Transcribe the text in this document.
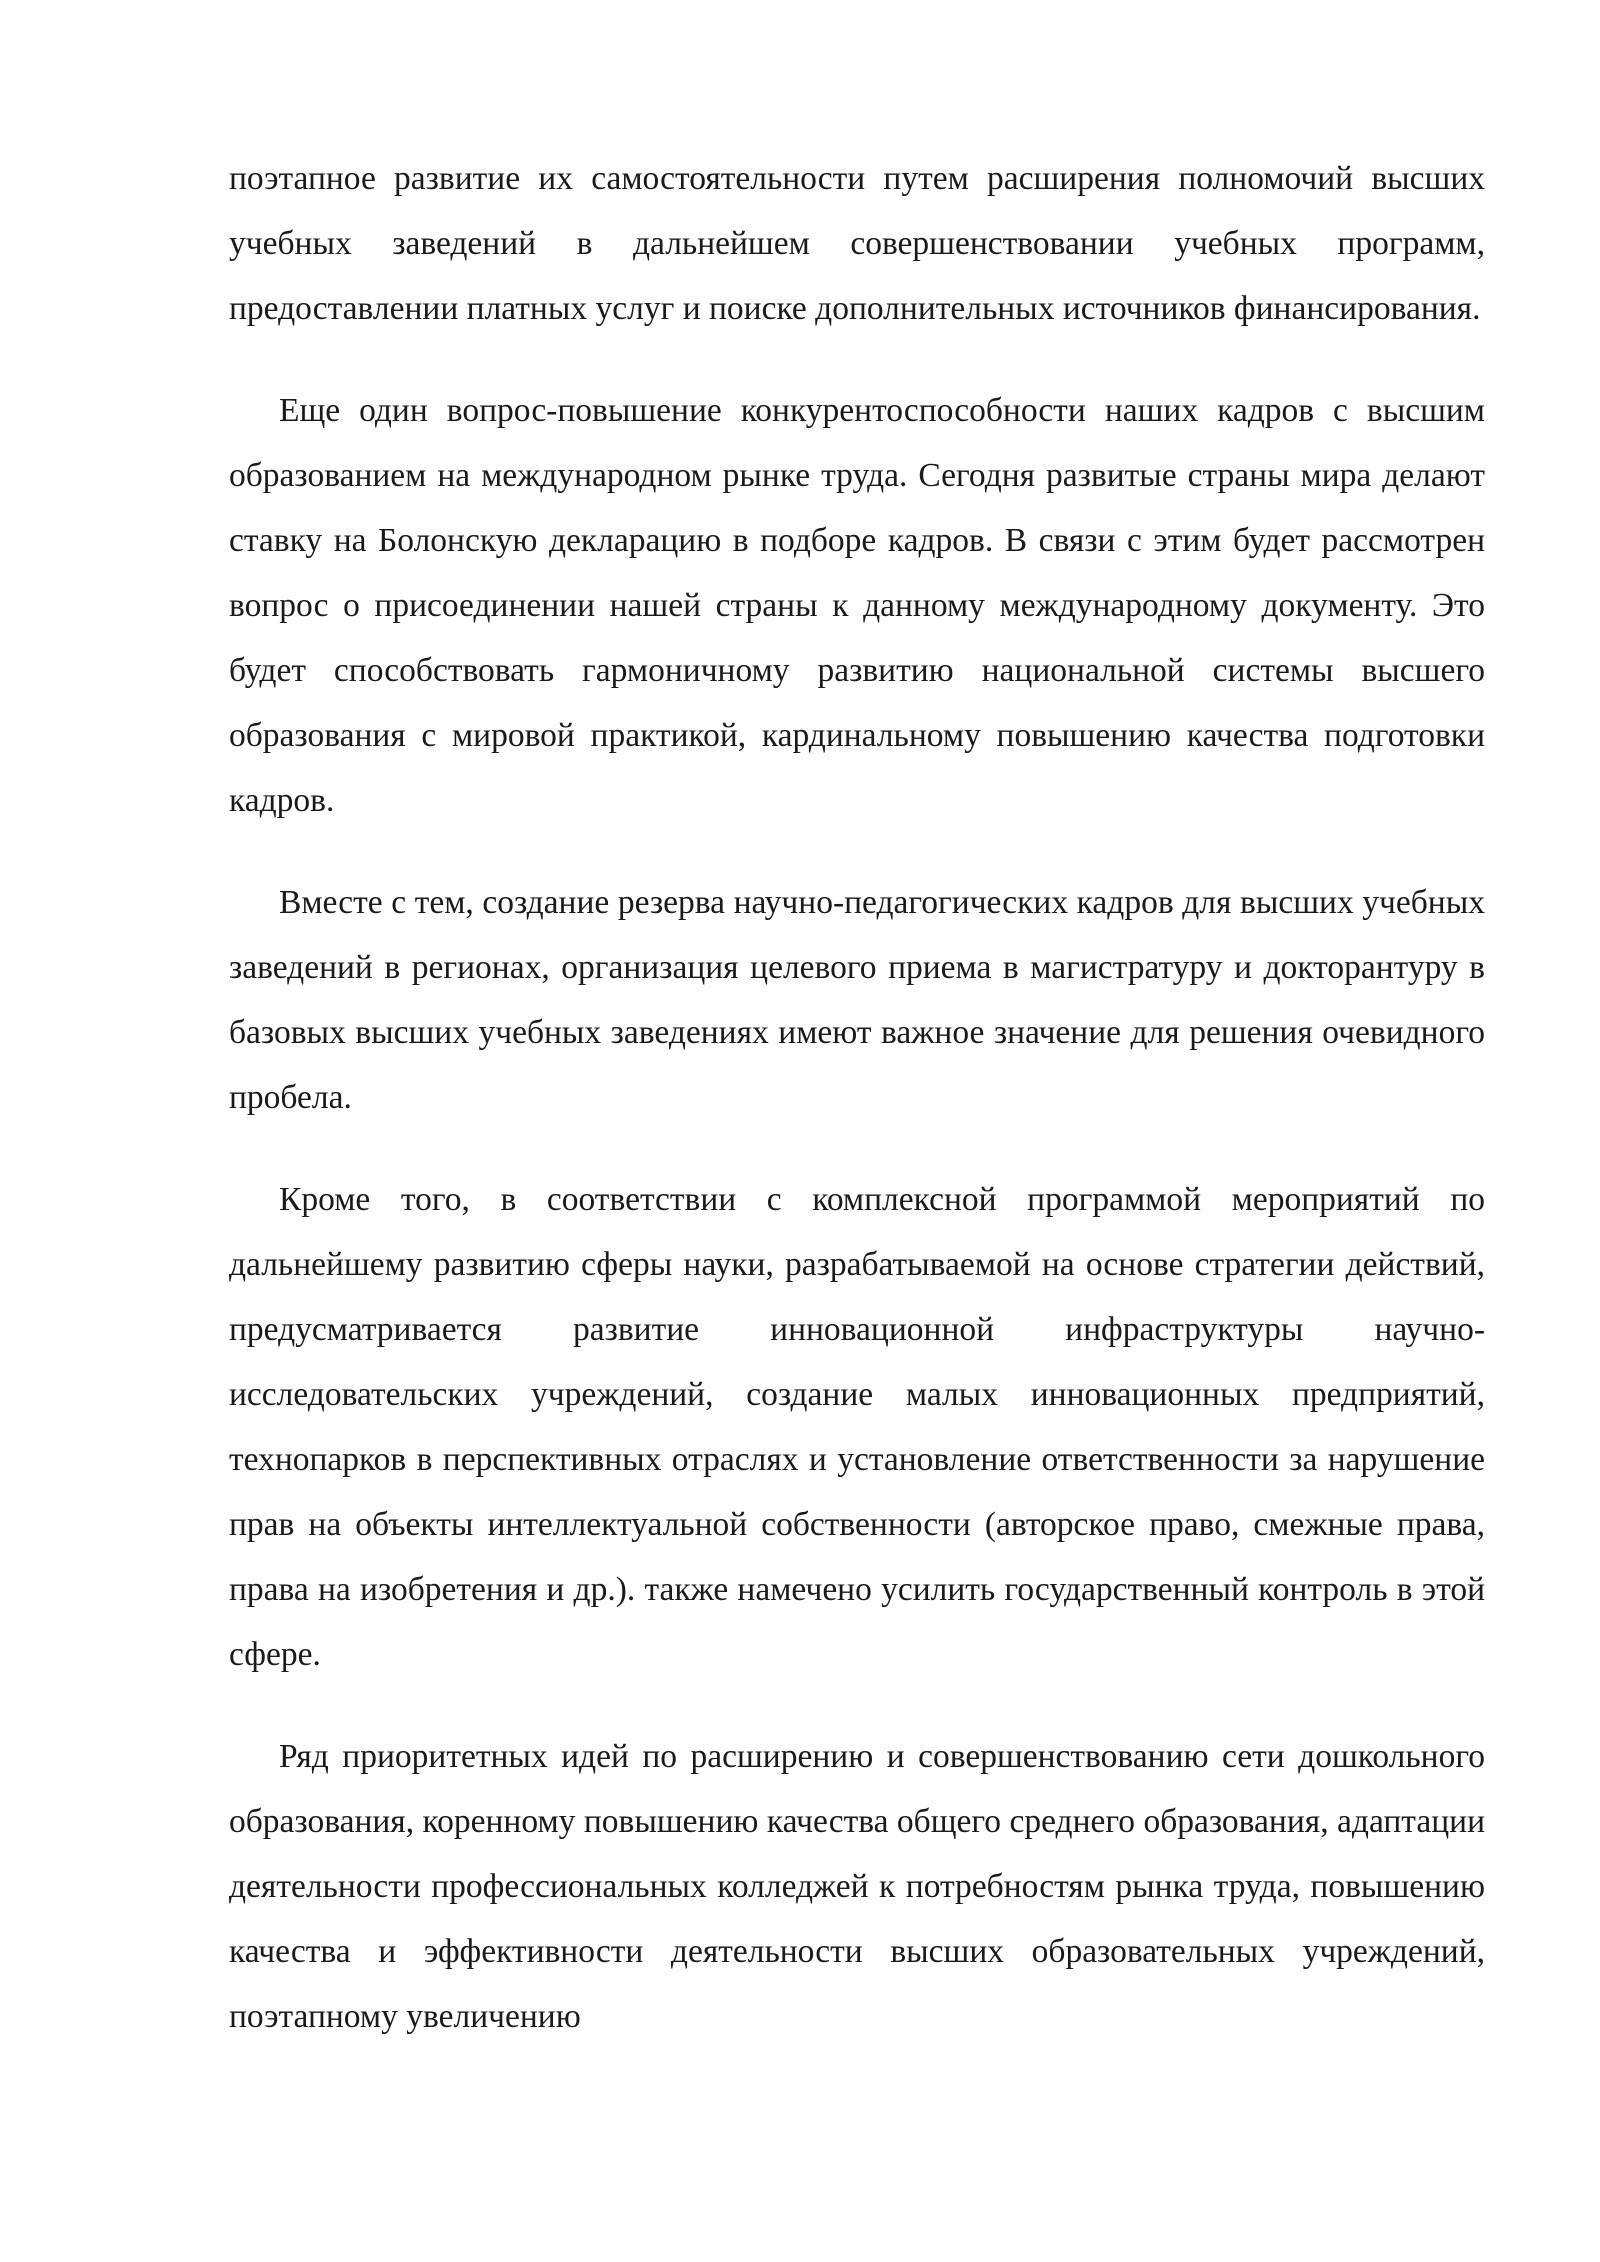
поэтапное развитие их самостоятельности путем расширения полномочий высших учебных заведений в дальнейшем совершенствовании учебных программ, предоставлении платных услуг и поиске дополнительных источников финансирования.

Еще один вопрос-повышение конкурентоспособности наших кадров с высшим образованием на международном рынке труда. Сегодня развитые страны мира делают ставку на Болонскую декларацию в подборе кадров. В связи с этим будет рассмотрен вопрос о присоединении нашей страны к данному международному документу. Это будет способствовать гармоничному развитию национальной системы высшего образования с мировой практикой, кардинальному повышению качества подготовки кадров.

Вместе с тем, создание резерва научно-педагогических кадров для высших учебных заведений в регионах, организация целевого приема в магистратуру и докторантуру в базовых высших учебных заведениях имеют важное значение для решения очевидного пробела.

Кроме того, в соответствии с комплексной программой мероприятий по дальнейшему развитию сферы науки, разрабатываемой на основе стратегии действий, предусматривается развитие инновационной инфраструктуры научно-исследовательских учреждений, создание малых инновационных предприятий, технопарков в перспективных отраслях и установление ответственности за нарушение прав на объекты интеллектуальной собственности (авторское право, смежные права, права на изобретения и др.). также намечено усилить государственный контроль в этой сфере.

Ряд приоритетных идей по расширению и совершенствованию сети дошкольного образования, коренному повышению качества общего среднего образования, адаптации деятельности профессиональных колледжей к потребностям рынка труда, повышению качества и эффективности деятельности высших образовательных учреждений, поэтапному увеличению
